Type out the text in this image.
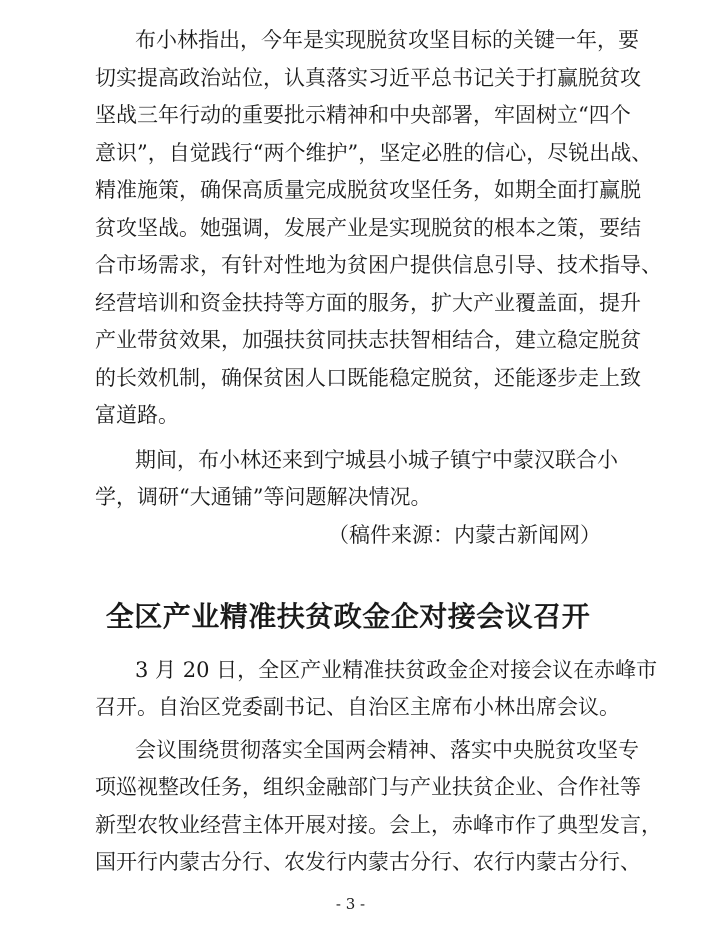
布小林指出，今年是实现脱贫攻坚目标的关键一年，要
切实提高政治站位，认真落实习近平总书记关于打赢脱贫攻
坚战三年行动的重要批示精神和中央部署，牢固树立“四个
意识”，自觉践行“两个维护”，坚定必胜的信心，尽锐出战、
精准施策，确保高质量完成脱贫攻坚任务，如期全面打赢脱
贫攻坚战。她强调，发展产业是实现脱贫的根本之策，要结
合市场需求，有针对性地为贫困户提供信息引导、技术指导、
经营培训和资金扶持等方面的服务，扩大产业覆盖面，提升
产业带贫效果，加强扶贫同扶志扶智相结合，建立稳定脱贫
的长效机制，确保贫困人口既能稳定脱贫，还能逐步走上致
富道路。
期间，布小林还来到宁城县小城子镇宁中蒙汉联合小
学，调研“大通铺”等问题解决情况。
（稿件来源：内蒙古新闻网）
全区产业精准扶贫政金企对接会议召开
3 月 20 日，全区产业精准扶贫政金企对接会议在赤峰市
召开。自治区党委副书记、自治区主席布小林出席会议。
会议围绕贯彻落实全国两会精神、落实中央脱贫攻坚专
项巡视整改任务，组织金融部门与产业扶贫企业、合作社等
新型农牧业经营主体开展对接。会上，赤峰市作了典型发言，
国开行内蒙古分行、农发行内蒙古分行、农行内蒙古分行、
- 3 -
